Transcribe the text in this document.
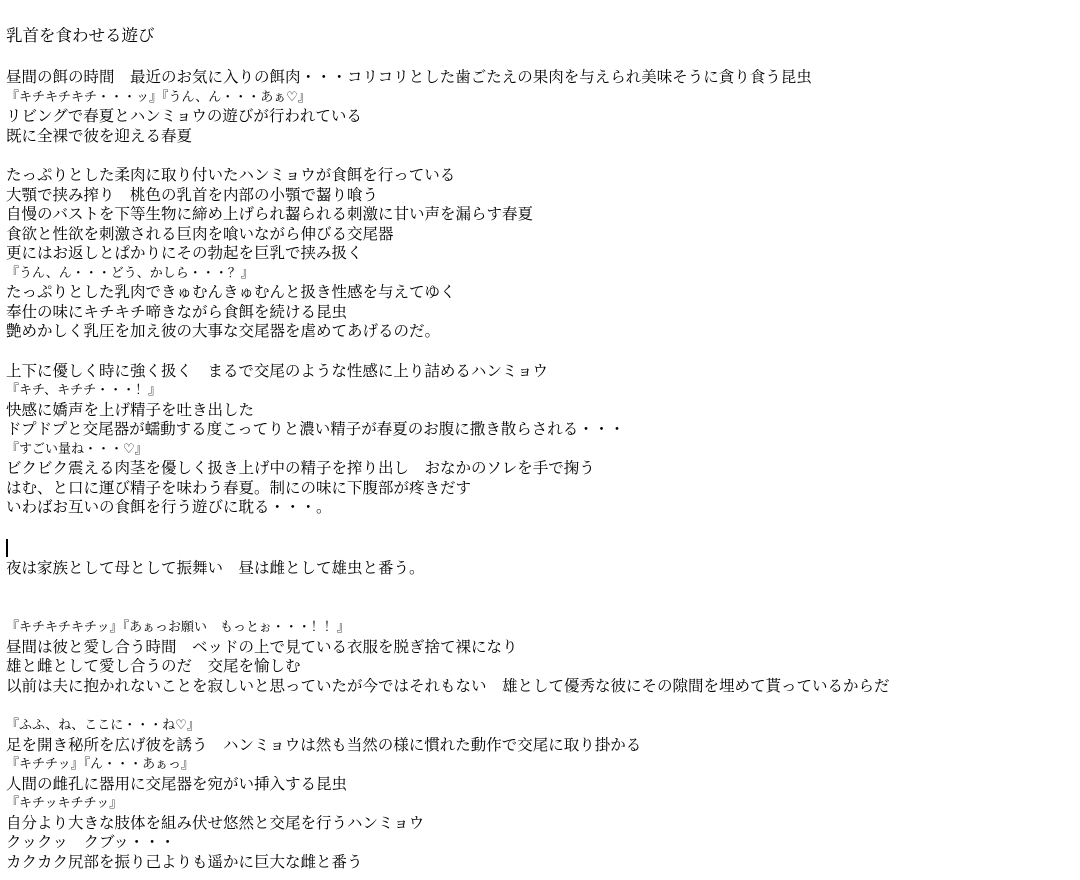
乳首を食わせる遊び
昼間の餌の時間　最近のお気に入りの餌肉・・・コリコリとした歯ごたえの果肉を与えられ美味そうに貪り食う昆虫
『キチキチキチ・・・ッ』『うん、ん・・・あぁ♡』
リビングで春夏とハンミョウの遊びが行われている
既に全裸で彼を迎える春夏
たっぷりとした柔肉に取り付いたハンミョウが食餌を行っている
大顎で挟み搾り　桃色の乳首を内部の小顎で齧り喰う
自慢のバストを下等生物に締め上げられ齧られる刺激に甘い声を漏らす春夏
食欲と性欲を刺激される巨肉を喰いながら伸びる交尾器
更にはお返しとぱかりにその勃起を巨乳で挟み扱く
『うん、ん・・・どう、かしら・・・？』
たっぷりとした乳肉できゅむんきゅむんと扱き性感を与えてゆく
奉仕の味にキチキチ啼きながら食餌を続ける昆虫
艶めかしく乳圧を加え彼の大事な交尾器を虐めてあげるのだ。
上下に優しく時に強く扱く　まるで交尾のような性感に上り詰めるハンミョウ
『キチ、キチチ・・・！』
快感に嬌声を上げ精子を吐き出した
ドプドプと交尾器が蠕動する度こってりと濃い精子が春夏のお腹に撒き散らされる・・・
『すごい量ね・・・♡』
ビクビク震える肉茎を優しく扱き上げ中の精子を搾り出し　おなかのソレを手で掬う
はむ、と口に運び精子を味わう春夏。制にの味に下腹部が疼きだす
いわばお互いの食餌を行う遊びに耽る・・・。
夜は家族として母として振舞い　昼は雌として雄虫と番う。
『キチキチキチッ』『あぁっお願い　もっとぉ・・・！！』
昼間は彼と愛し合う時間　ベッドの上で見ている衣服を脱ぎ捨て裸になり
雄と雌として愛し合うのだ　交尾を愉しむ
以前は夫に抱かれないことを寂しいと思っていたが今ではそれもない　雄として優秀な彼にその隙間を埋めて貰っているからだ
『ふふ、ね、ここに・・・ね♡』
足を開き秘所を広げ彼を誘う　ハンミョウは然も当然の様に慣れた動作で交尾に取り掛かる
『キチチッ』『ん・・・あぁっ』
人間の雌孔に器用に交尾器を宛がい挿入する昆虫
『キチッキチチッ』
自分より大きな肢体を組み伏せ悠然と交尾を行うハンミョウ
クックッ　クブッ・・・
カクカク尻部を振り己よりも遥かに巨大な雌と番う
